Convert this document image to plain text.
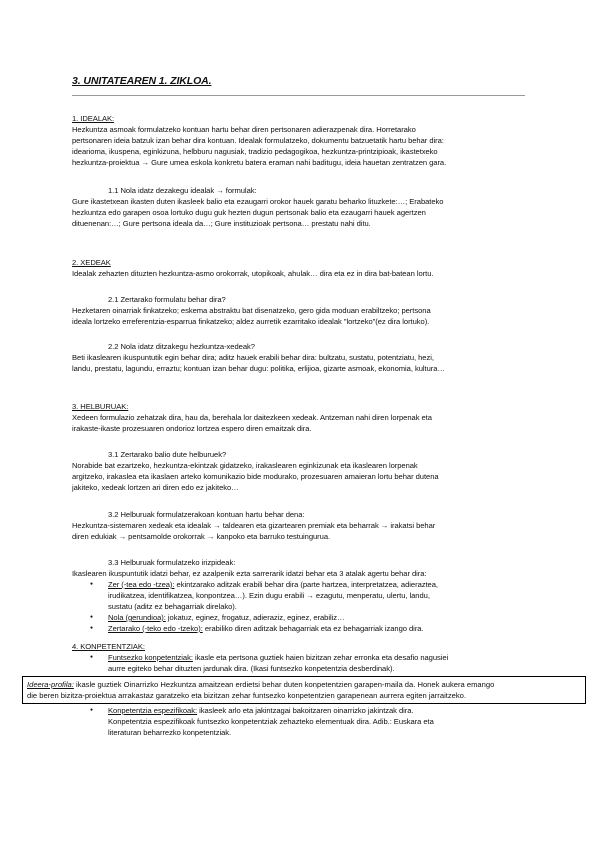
3. UNITATEAREN 1. ZIKLOA.
1. IDEALAK:
Hezkuntza asmoak formulatzeko kontuan hartu behar diren pertsonaren adierazpenak dira. Horretarako
pertsonaren ideia batzuk izan behar dira kontuan. Idealak formulatzeko, dokumentu batzuetatik hartu behar dira:
idearioma, ikuspena, eginkizuna, helbburu nagusiak, tradizio pedagogikoa, hezkuntza-printzipioak, ikastetxeko
hezkuntza-proiektua → Gure umea eskola konkretu batera eraman nahi baditugu, ideia hauetan zentratzen gara.
1.1 Nola idatz dezakegu idealak → formulak:
Gure ikastetxean ikasten duten ikasleek balio eta ezaugarri orokor hauek garatu beharko lituzkete:…; Erabateko
hezkuntza edo garapen osoa lortuko dugu guk hezten dugun pertsonak balio eta ezaugarri hauek agertzen
dituenenan:…; Gure pertsona ideala da…; Gure instituzioak pertsona… prestatu nahi ditu.
2. XEDEAK
Idealak zehazten dituzten hezkuntza-asmo orokorrak, utopikoak, ahulak… dira eta ez in dira bat-batean lortu.
2.1 Zertarako formulatu behar dira?
Hezketaren oinarriak finkatzeko; eskema abstraktu bat disenatzeko, gero gida moduan erabiltzeko; pertsona
ideala lortzeko erreferentzia-esparrua finkatzeko; aldez aurretik ezarritako idealak "lortzeko"(ez dira lortuko).
2.2 Nola idatz ditzakegu hezkuntza-xedeak?
Beti ikaslearen ikuspuntutik egin behar dira; aditz hauek erabili behar dira: bultzatu, sustatu, potentziatu, hezi,
landu, prestatu, lagundu, erraztu; kontuan izan behar dugu: politika, erlijioa, gizarte asmoak, ekonomia, kultura…
3. HELBURUAK:
Xedeen formulazio zehatzak dira, hau da, berehala lor daitezkeen xedeak. Antzeman nahi diren lorpenak eta
irakaste-ikaste prozesuaren ondorioz lortzea espero diren emaitzak dira.
3.1 Zertarako balio dute helburuek?
Norabide bat ezartzeko, hezkuntza-ekintzak gidatzeko, irakaslearen eginkizunak eta ikaslearen lorpenak
argitzeko, irakaslea eta ikaslaen arteko komunikazio bide modurako, prozesuaren amaieran lortu behar dutena
jakiteko, xedeak lortzen ari diren edo ez jakiteko…
3.2 Helburuak formulatzerakoan kontuan hartu behar dena:
Hezkuntza-sistemaren xedeak eta idealak → taldearen eta gizartearen premiak eta beharrak → irakatsi behar
diren edukiak → pentsamolde orokorrak → kanpoko eta barruko testuingurua.
3.3 Helburuak formulatzeko irizpideak:
Ikaslearen ikuspuntutik idatzi behar, ez azalpenik ezta sarrerarik idatzi behar eta 3 atalak agertu behar dira:
● Zer (-tea edo -tzea): ekintzarako aditzak erabili behar dira (parte hartzea, interpretatzea, adieraztea,
irudikatzea, identifikatzea, konpontzea…). Ezin dugu erabili → ezagutu, menperatu, ulertu, landu,
sustatu (aditz ez behagarriak direlako).
● Nola (gerundioa): jokatuz, eginez, frogatuz, adieraziz, eginez, erabiliz…
● Zertarako (-teko edo -tzeko): erabiliko diren aditzak behagarriak eta ez behagarriak izango dira.
4. KONPETENTZIAK:
● Funtsezko konpetentziak: ikasle eta pertsona guztiek haien bizitzan zehar erronka eta desafio nagusiei
aurre egiteko behar dituzten jardunak dira. (Ikasi funtsezko konpetentzia desberdinak).
Ideera-profila: ikasle guztiek Oinarrizko Hezkuntza amaitzean erdietsi behar duten konpetentzien garapen-maila da. Honek aukera emango
die beren bizitza-proiektua arrakastaz garatzeko eta bizitzan zehar funtsezko konpetentzien garapenean aurrera egiten jarraitzeko.
● Konpetentzia espezifikoak: ikasleek arlo eta jakintzagai bakoitzaren oinarrizko jakintzak dira.
Konpetentzia espezifikoak funtsezko konpetentziak zehazteko elementuak dira. Adib.: Euskara eta
literaturan beharrezko konpetentziak.
